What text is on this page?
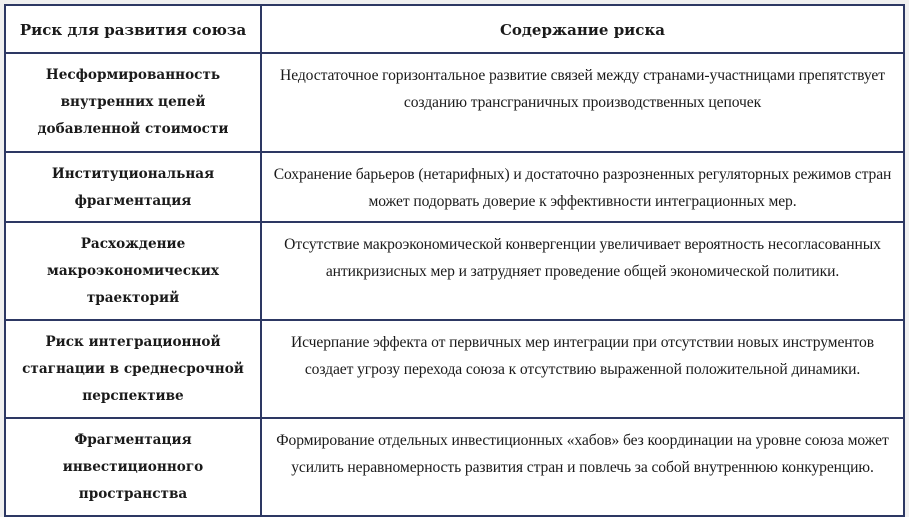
Риск для развития союза	Содержание риска
Несформированность внутренних цепей добавленной стоимости	Недостаточное горизонтальное развитие связей между странами-участницами препятствует созданию трансграничных производственных цепочек
Институциональная фрагментация	Сохранение барьеров (нетарифных) и достаточно разрозненных регуляторных режимов стран может подорвать доверие к эффективности интеграционных мер.
Расхождение макроэкономических траекторий	Отсутствие макроэкономической конвергенции увеличивает вероятность несогласованных антикризисных мер и затрудняет проведение общей экономической политики.
Риск интеграционной стагнации в среднесрочной перспективе	Исчерпание эффекта от первичных мер интеграции при отсутствии новых инструментов создает угрозу перехода союза к отсутствию выраженной положительной динамики.
Фрагментация инвестиционного пространства	Формирование отдельных инвестиционных «хабов» без координации на уровне союза может усилить неравномерность развития стран и повлечь за собой внутреннюю конкуренцию.
